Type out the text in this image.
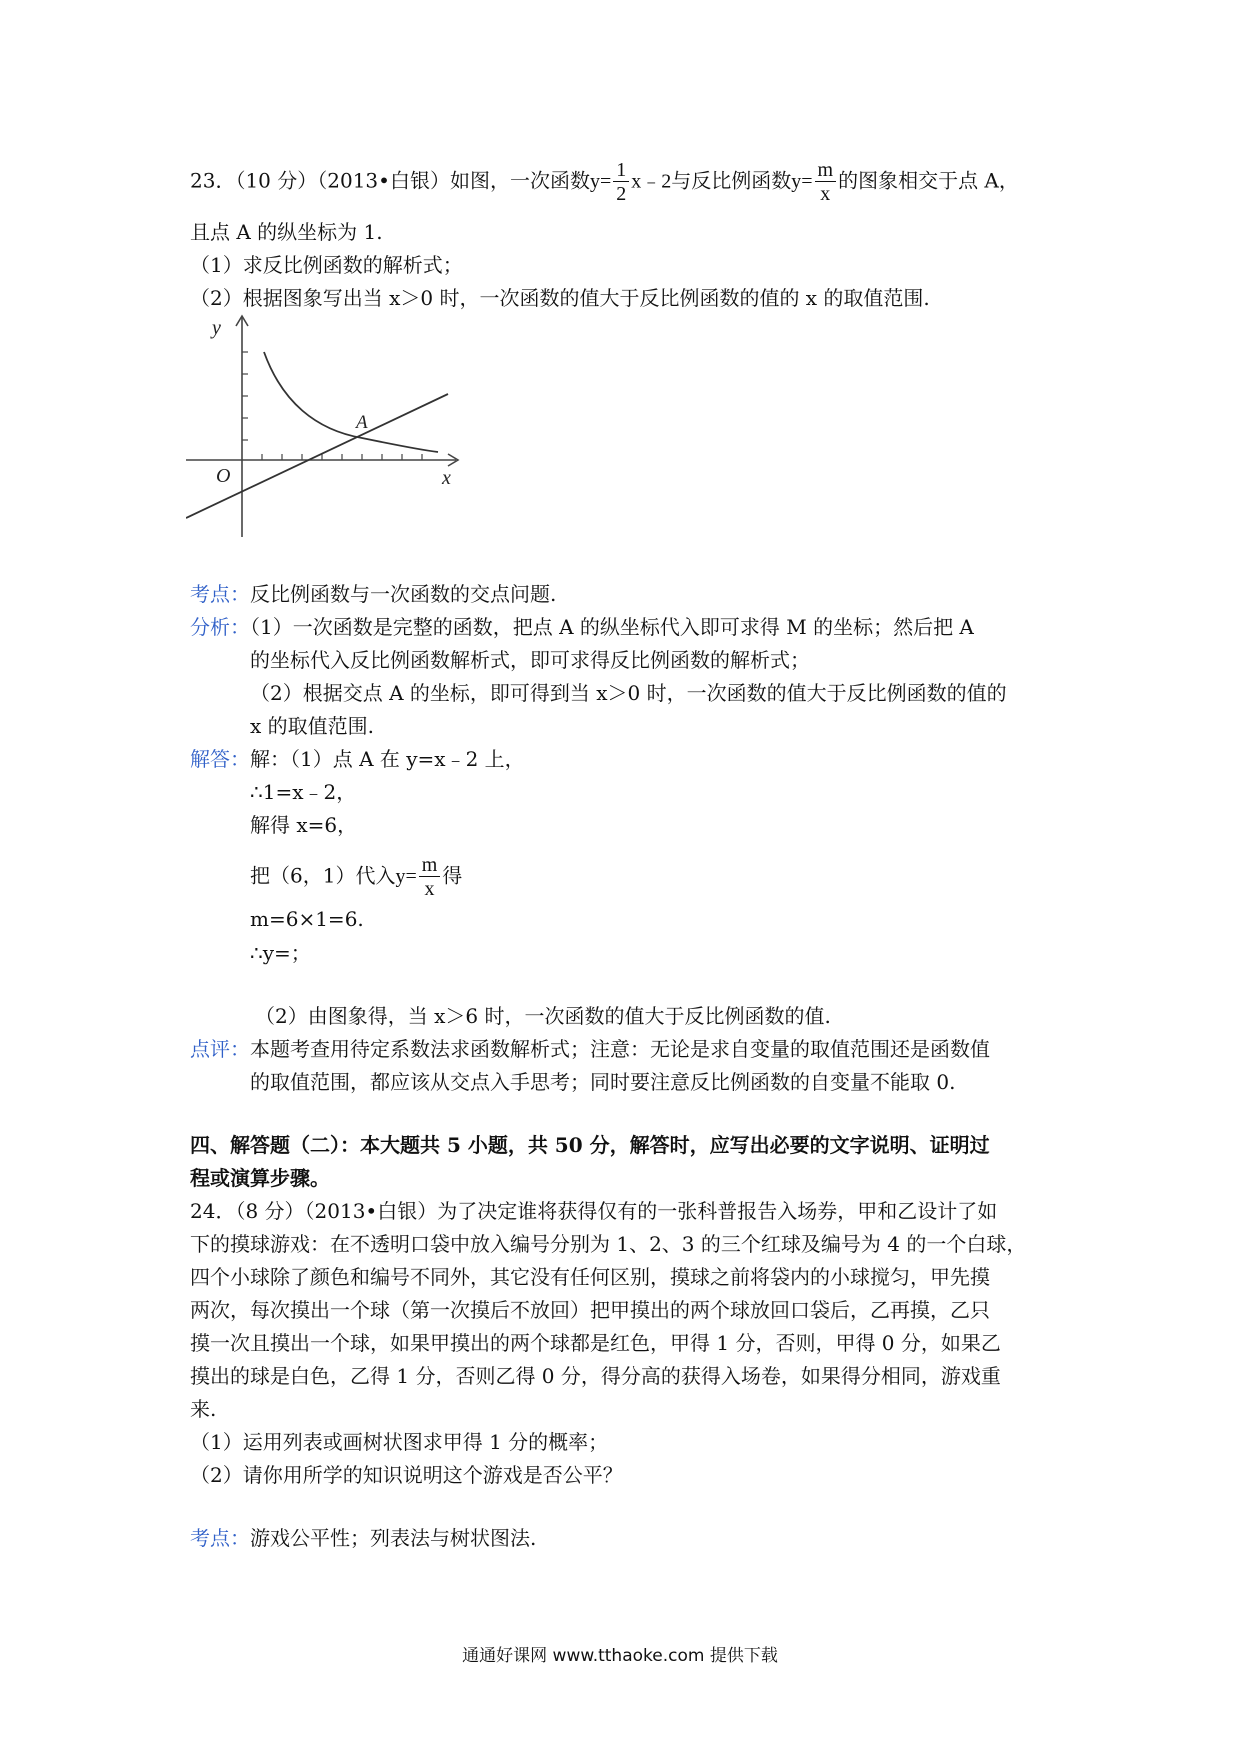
23．（10 分）（2013•白银）如图，一次函数$y= \frac{1}{2}$ x﹣2与反比例函数$y= \frac{m}{x}$ 的图象相交于点 A，
且点 A 的纵坐标为 1.
（1）求反比例函数的解析式；
（2）根据图象写出当 x＞0 时，一次函数的值大于反比例函数的值的 x 的取值范围.
y
x
O
A
考点：反比例函数与一次函数的交点问题.
分析：（1）一次函数是完整的函数，把点 A 的纵坐标代入即可求得 M 的坐标；然后把 A
的坐标代入反比例函数解析式，即可求得反比例函数的解析式；
（2）根据交点 A 的坐标，即可得到当 x＞0 时，一次函数的值大于反比例函数的值的
x 的取值范围.
解答：解：（1）点 A 在 y=x﹣2 上，
∴1=x﹣2，
解得 x=6，
把（6，1）代入$y= \frac{m}{x}$ 得
m=6×1=6.
∴y=；
（2）由图象得，当 x＞6 时，一次函数的值大于反比例函数的值.
点评：本题考查用待定系数法求函数解析式；注意：无论是求自变量的取值范围还是函数值
的取值范围，都应该从交点入手思考；同时要注意反比例函数的自变量不能取 0.
四、解答题（二）：本大题共 5 小题，共 50 分，解答时，应写出必要的文字说明、证明过
程或演算步骤。
24．（8 分）（2013•白银）为了决定谁将获得仅有的一张科普报告入场券，甲和乙设计了如
下的摸球游戏：在不透明口袋中放入编号分别为 1、2、3 的三个红球及编号为 4 的一个白球，
四个小球除了颜色和编号不同外，其它没有任何区别，摸球之前将袋内的小球搅匀，甲先摸
两次，每次摸出一个球（第一次摸后不放回）把甲摸出的两个球放回口袋后，乙再摸，乙只
摸一次且摸出一个球，如果甲摸出的两个球都是红色，甲得 1 分，否则，甲得 0 分，如果乙
摸出的球是白色，乙得 1 分，否则乙得 0 分，得分高的获得入场卷，如果得分相同，游戏重
来.
（1）运用列表或画树状图求甲得 1 分的概率；
（2）请你用所学的知识说明这个游戏是否公平？
考点：游戏公平性；列表法与树状图法.
通通好课网 www.tthaoke.com 提供下载
